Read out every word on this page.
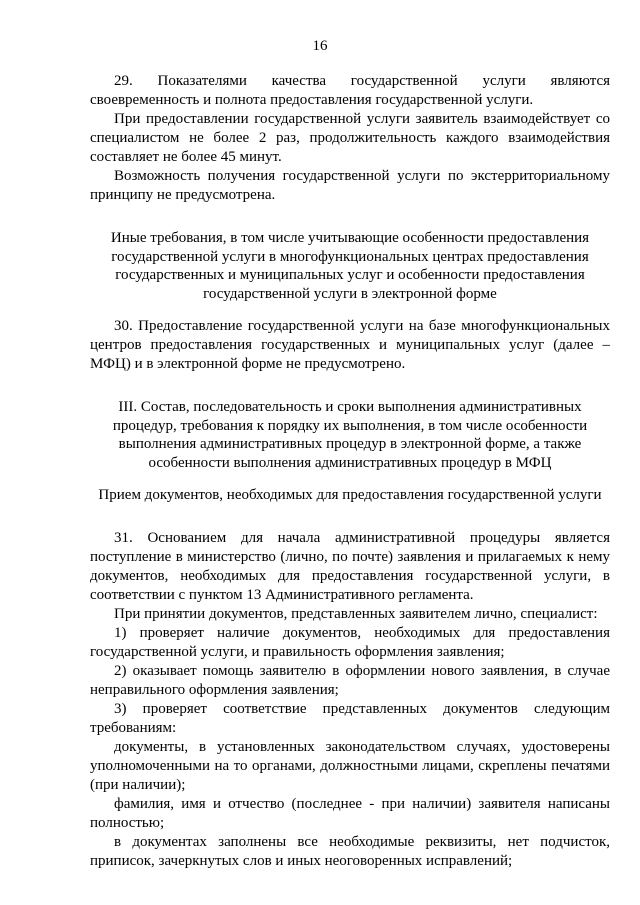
16

29. Показателями качества государственной услуги являются своевременность и полнота предоставления государственной услуги.

При предоставлении государственной услуги заявитель взаимодействует со специалистом не более 2 раз, продолжительность каждого взаимодействия составляет не более 45 минут.

Возможность получения государственной услуги по экстерриториальному принципу не предусмотрена.

Иные требования, в том числе учитывающие особенности предоставления государственной услуги в многофункциональных центрах предоставления государственных и муниципальных услуг и особенности предоставления государственной услуги в электронной форме

30. Предоставление государственной услуги на базе многофункциональных центров предоставления государственных и муниципальных услуг (далее – МФЦ) и в электронной форме не предусмотрено.

III. Состав, последовательность и сроки выполнения административных процедур, требования к порядку их выполнения, в том числе особенности выполнения административных процедур в электронной форме, а также особенности выполнения административных процедур в МФЦ

Прием документов, необходимых для предоставления государственной услуги

31. Основанием для начала административной процедуры является поступление в министерство (лично, по почте) заявления и прилагаемых к нему документов, необходимых для предоставления государственной услуги, в соответствии с пунктом 13 Административного регламента.

При принятии документов, представленных заявителем лично, специалист:

1) проверяет наличие документов, необходимых для предоставления государственной услуги, и правильность оформления заявления;

2) оказывает помощь заявителю в оформлении нового заявления, в случае неправильного оформления заявления;

3) проверяет соответствие представленных документов следующим требованиям:

документы, в установленных законодательством случаях, удостоверены уполномоченными на то органами, должностными лицами, скреплены печатями (при наличии);

фамилия, имя и отчество (последнее - при наличии) заявителя написаны полностью;

в документах заполнены все необходимые реквизиты, нет подчисток, приписок, зачеркнутых слов и иных неоговоренных исправлений;
